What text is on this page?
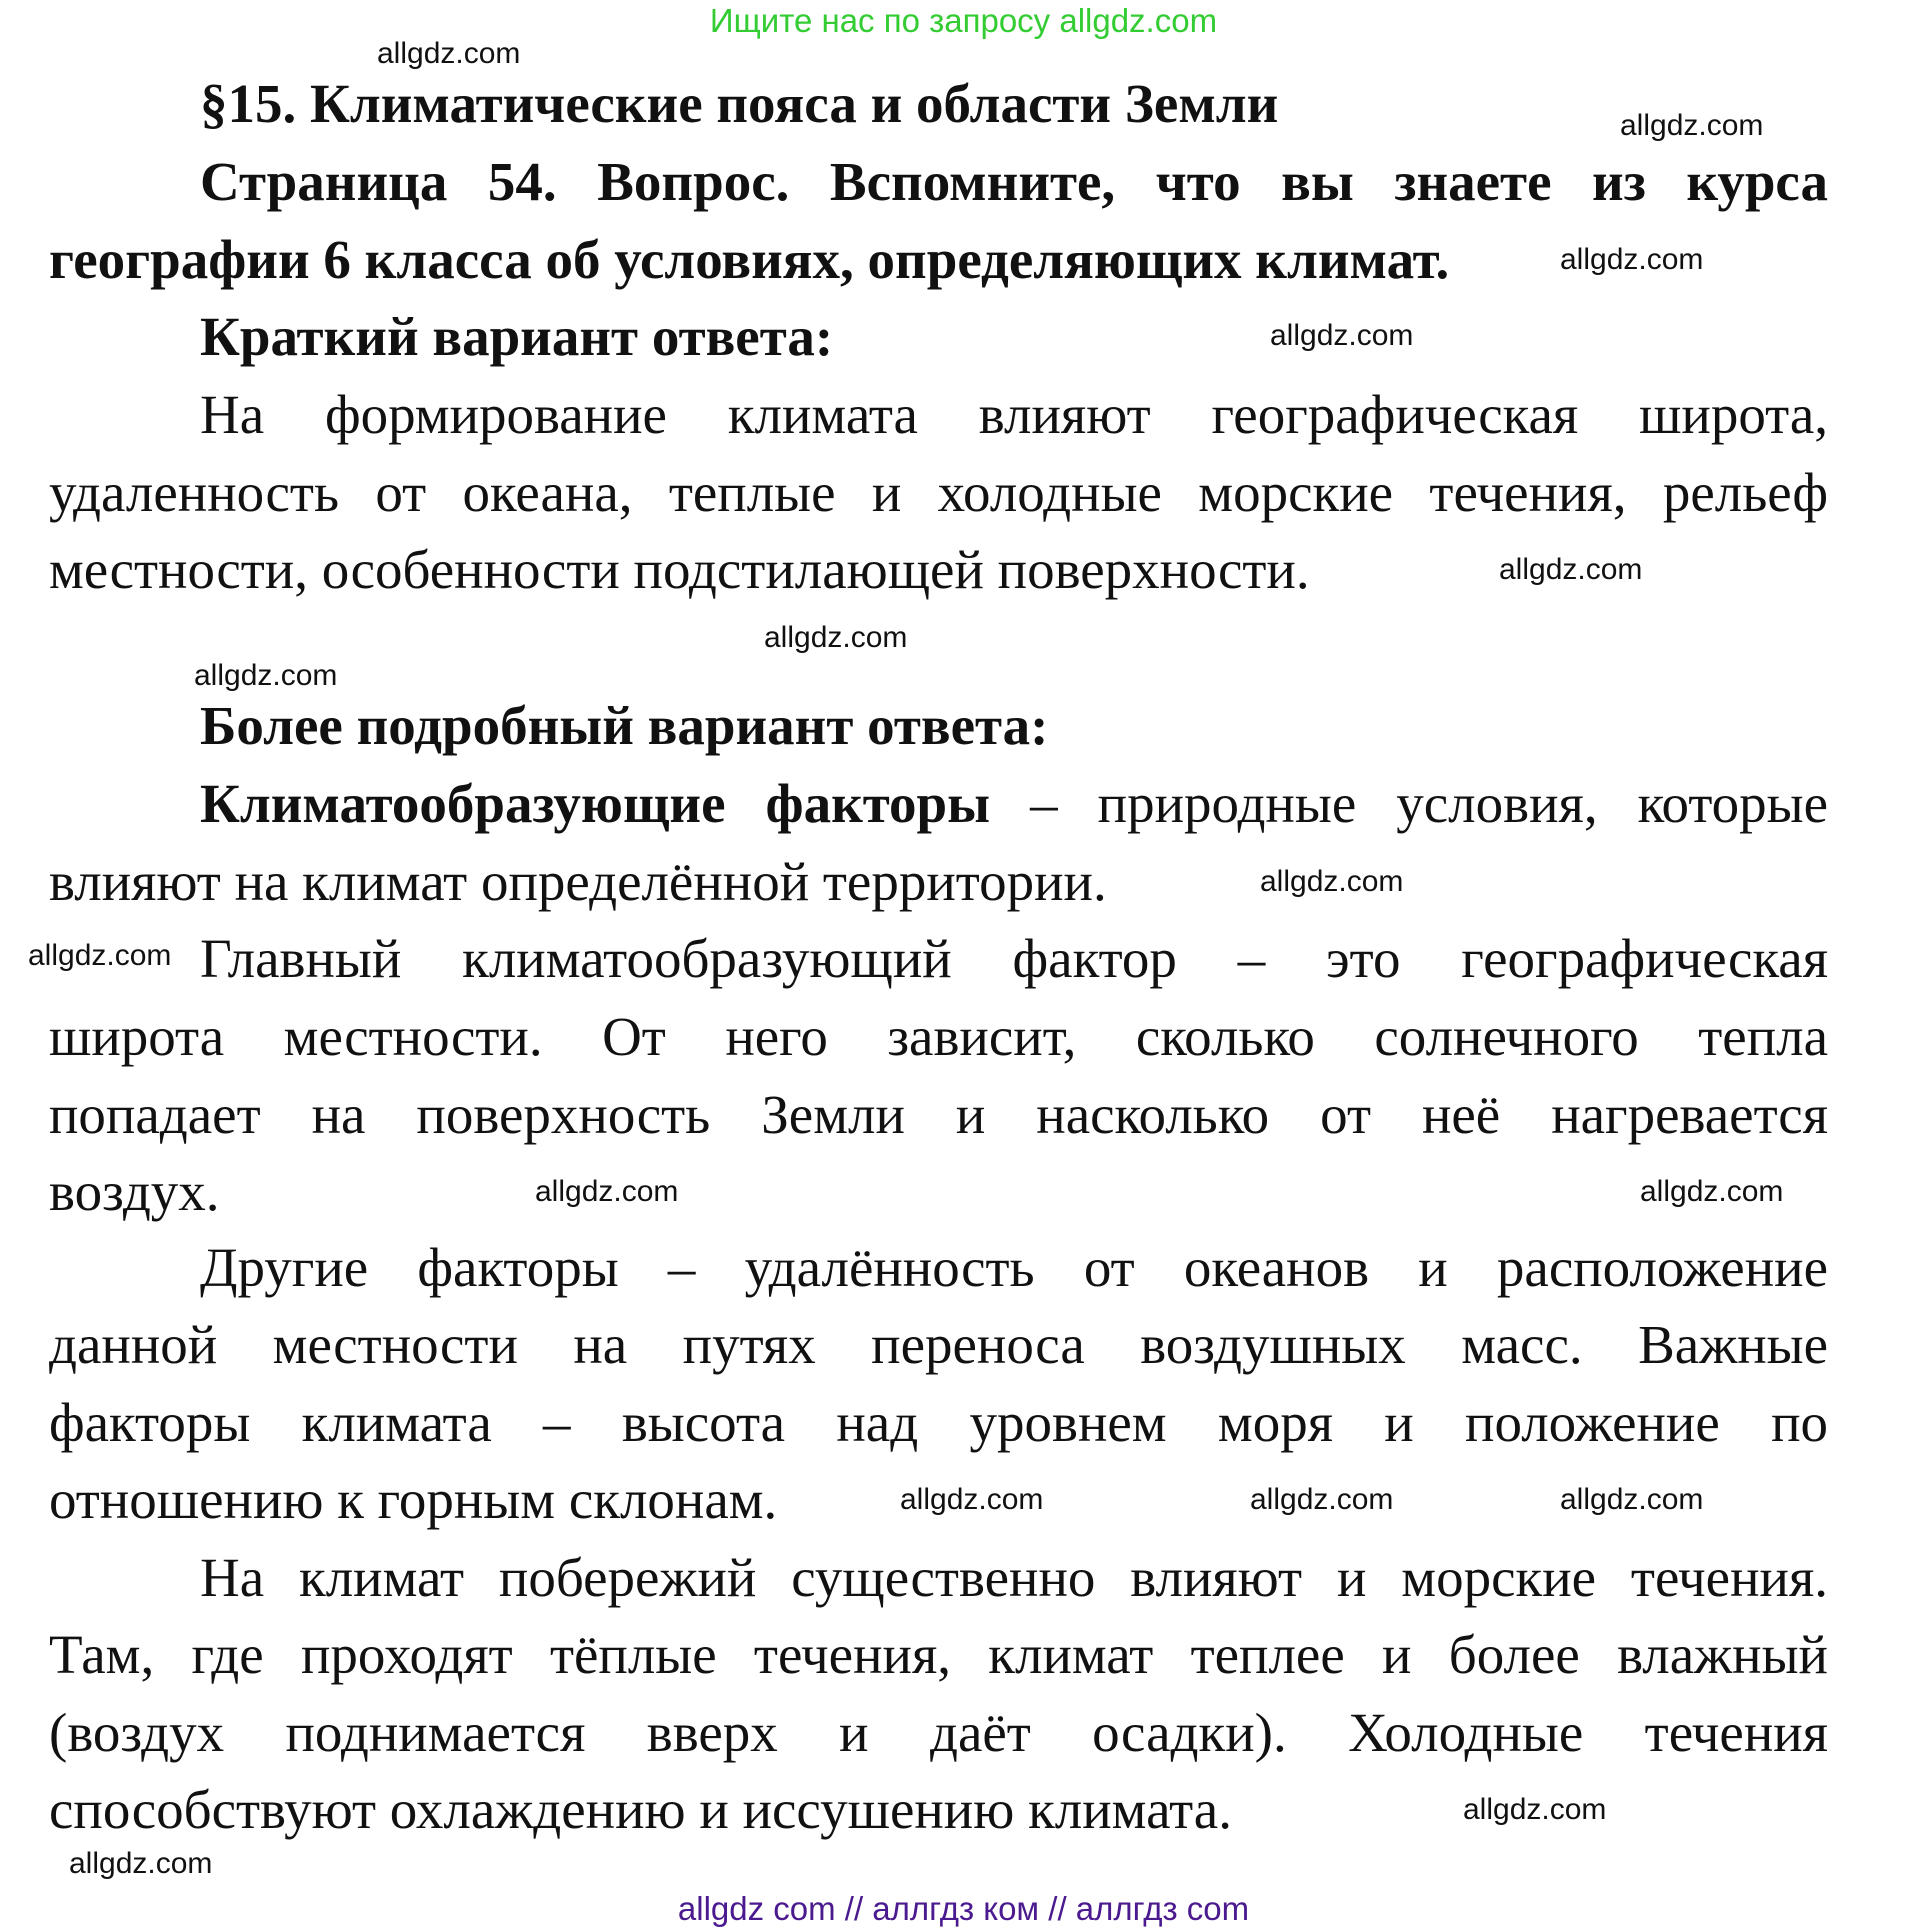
Ищите нас по запросу allgdz.com
§15. Климатические пояса и области Земли
Страница 54. Вопрос. Вспомните, что вы знаете из курса
географии 6 класса об условиях, определяющих климат.
Краткий вариант ответа:
На формирование климата влияют географическая широта,
удаленность от океана, теплые и холодные морские течения, рельеф
местности, особенности подстилающей поверхности.
Более подробный вариант ответа:
Климатообразующие факторы – природные условия, которые
влияют на климат определённой территории.
Главный климатообразующий фактор – это географическая
широта местности. От него зависит, сколько солнечного тепла
попадает на поверхность Земли и насколько от неё нагревается
воздух.
Другие факторы – удалённость от океанов и расположение
данной местности на путях переноса воздушных масс. Важные
факторы климата – высота над уровнем моря и положение по
отношению к горным склонам.
На климат побережий существенно влияют и морские течения.
Там, где проходят тёплые течения, климат теплее и более влажный
(воздух поднимается вверх и даёт осадки). Холодные течения
способствуют охлаждению и иссушению климата.
allgdz.com
allgdz.com
allgdz.com
allgdz.com
allgdz.com
allgdz.com
allgdz.com
allgdz.com
allgdz.com
allgdz.com
allgdz.com
allgdz.com
allgdz.com	allgdz.com
allgdz.com
allgdz.com
allgdz com // аллгдз ком // аллгдз com
